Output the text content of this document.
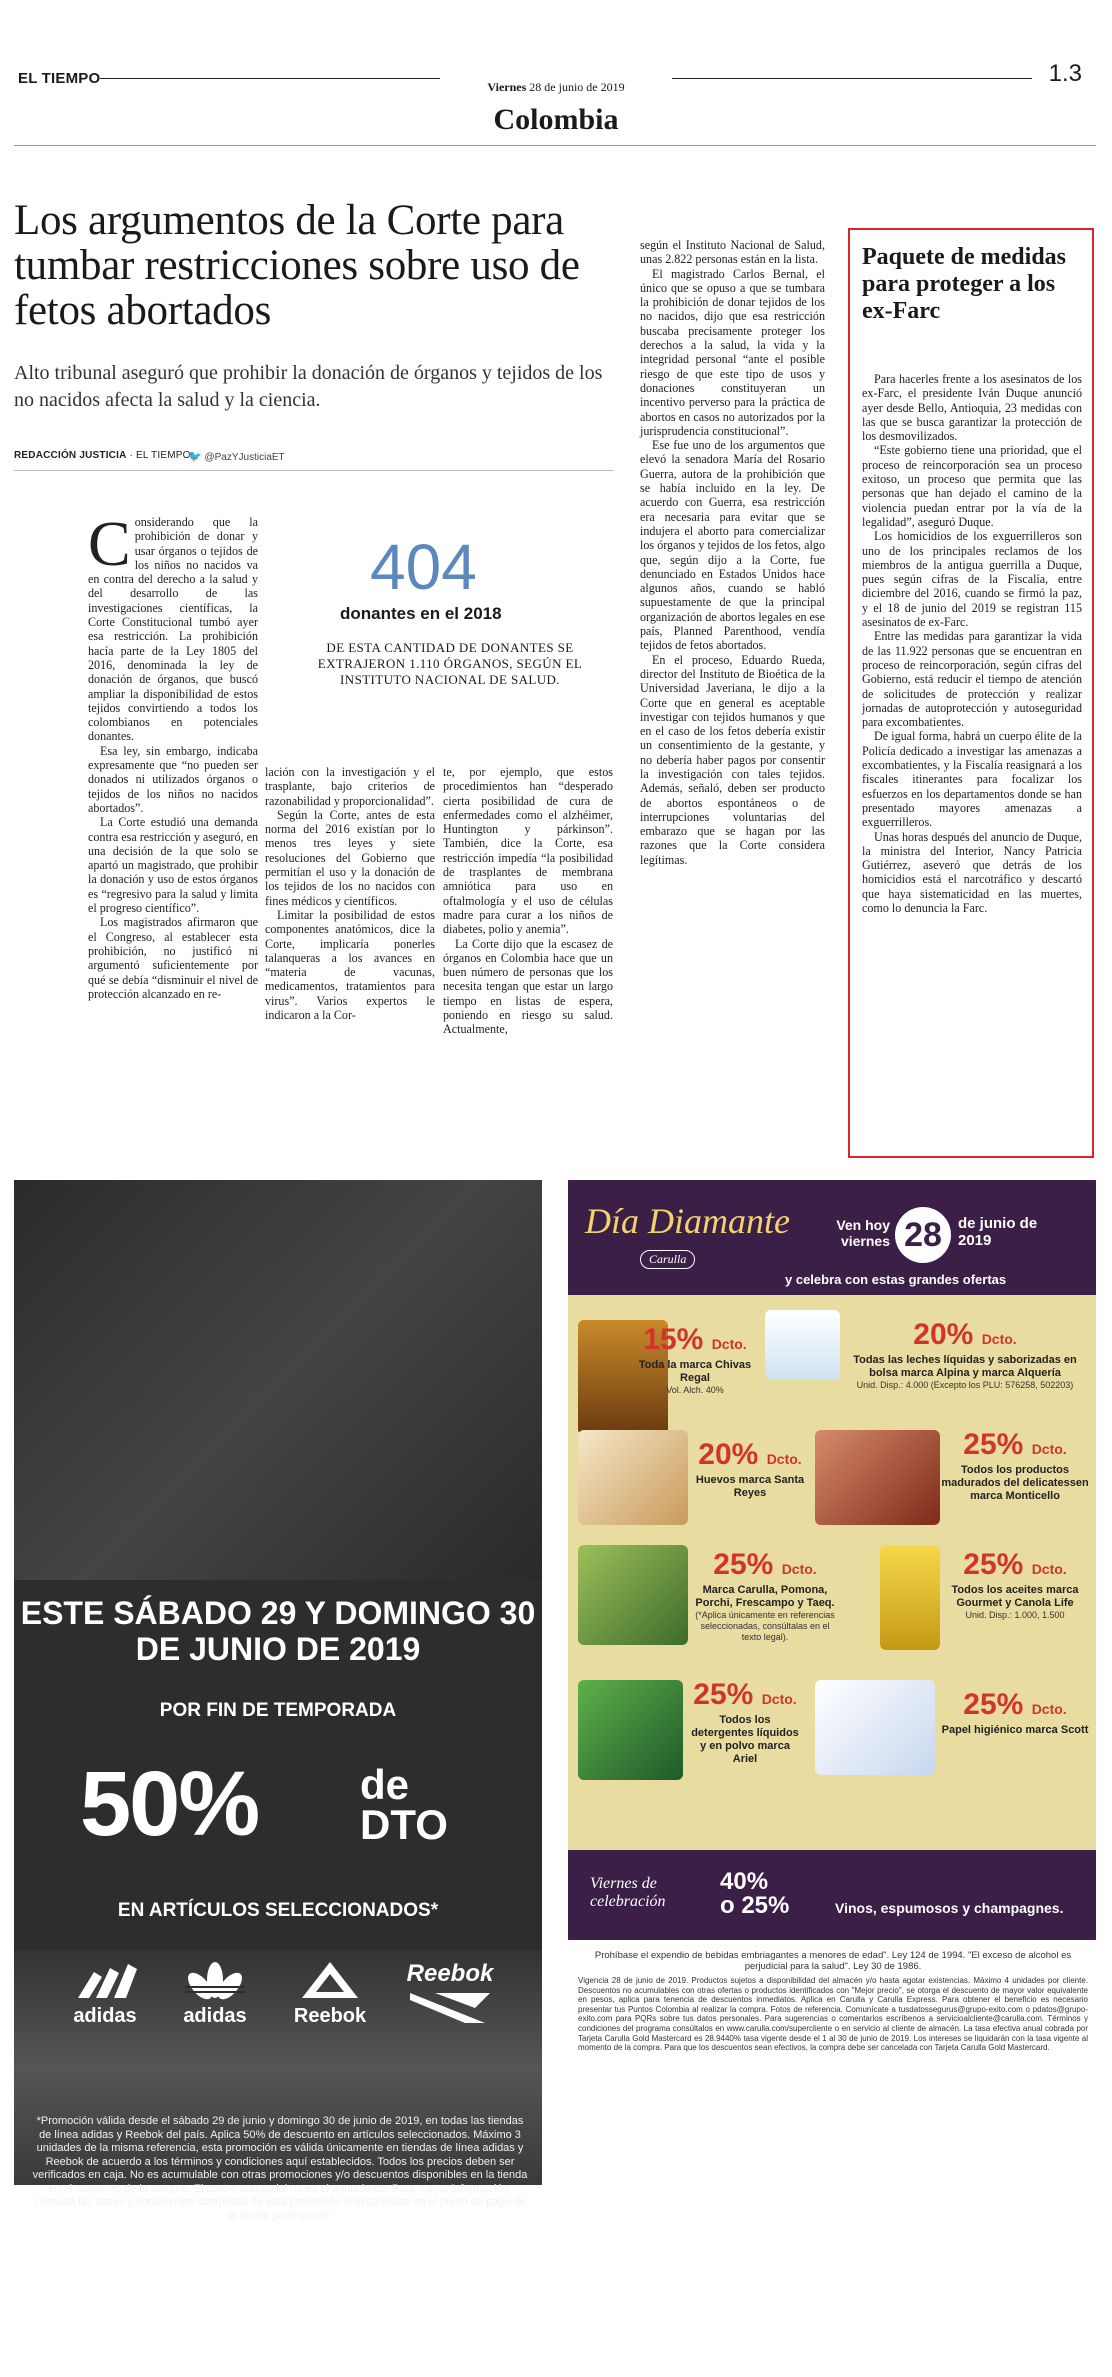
EL TIEMPO	Viernes 28 de junio de 2019
Colombia
1.3
Los argumentos de la Corte para tumbar restricciones sobre uso de fetos abortados
Alto tribunal aseguró que prohibir la donación de órganos y tejidos de los no nacidos afecta la salud y la ciencia.
REDACCIÓN JUSTICIA · EL TIEMPO
🐦 @PazYJusticiaET
404
donantes en el 2018
DE ESTA CANTIDAD DE DONANTES SE EXTRAJERON 1.110 ÓRGANOS, SEGÚN EL INSTITUTO NACIONAL DE SALUD.

Considerando que la prohibición de donar y usar órganos o tejidos de los niños no nacidos va en contra del derecho a la salud y del desarrollo de las investigaciones científicas, la Corte Constitucional tumbó ayer esa restricción. La prohibición hacía parte de la Ley 1805 del 2016, denominada la ley de donación de órganos, que buscó ampliar la disponibilidad de estos tejidos convirtiendo a todos los colombianos en potenciales donantes.

Esa ley, sin embargo, indicaba expresamente que “no pueden ser donados ni utilizados órganos o tejidos de los niños no nacidos abortados”.

La Corte estudió una demanda contra esa restricción y aseguró, en una decisión de la que solo se apartó un magistrado, que prohibir la donación y uso de estos órganos es “regresivo para la salud y limita el progreso científico”.

Los magistrados afirmaron que el Congreso, al establecer esta prohibición, no justificó ni argumentó suficientemente por qué se debía “disminuir el nivel de protección alcanzado en re-

lación con la investigación y el trasplante, bajo criterios de razonabilidad y proporcionalidad”.

Según la Corte, antes de esta norma del 2016 existían por lo menos tres leyes y siete resoluciones del Gobierno que permitían el uso y la donación de los tejidos de los no nacidos con fines médicos y científicos.

Limitar la posibilidad de estos componentes anatómicos, dice la Corte, implicaría ponerles talanqueras a los avances en “materia de vacunas, medicamentos, tratamientos para virus”. Varios expertos le indicaron a la Cor-

te, por ejemplo, que estos procedimientos han “desperado cierta posibilidad de cura de enfermedades como el alzhéimer, Huntington y párkinson”. También, dice la Corte, esa restricción impedía “la posibilidad de trasplantes de membrana amniótica para uso en oftalmología y el uso de células madre para curar a los niños de diabetes, polio y anemia”.

La Corte dijo que la escasez de órganos en Colombia hace que un buen número de personas que los necesita tengan que estar un largo tiempo en listas de espera, poniendo en riesgo su salud. Actualmente,

según el Instituto Nacional de Salud, unas 2.822 personas están en la lista.

El magistrado Carlos Bernal, el único que se opuso a que se tumbara la prohibición de donar tejidos de los no nacidos, dijo que esa restricción buscaba precisamente proteger los derechos a la salud, la vida y la integridad personal “ante el posible riesgo de que este tipo de usos y donaciones constituyeran un incentivo perverso para la práctica de abortos en casos no autorizados por la jurisprudencia constitucional”.

Ese fue uno de los argumentos que elevó la senadora María del Rosario Guerra, autora de la prohibición que se había incluido en la ley. De acuerdo con Guerra, esa restricción era necesaria para evitar que se indujera el aborto para comercializar los órganos y tejidos de los fetos, algo que, según dijo a la Corte, fue denunciado en Estados Unidos hace algunos años, cuando se habló supuestamente de que la principal organización de abortos legales en ese país, Planned Parenthood, vendía tejidos de fetos abortados.

En el proceso, Eduardo Rueda, director del Instituto de Bioética de la Universidad Javeriana, le dijo a la Corte que en general es aceptable investigar con tejidos humanos y que en el caso de los fetos debería existir un consentimiento de la gestante, y no debería haber pagos por consentir la investigación con tales tejidos. Además, señaló, deben ser producto de abortos espontáneos o de interrupciones voluntarias del embarazo que se hagan por las razones que la Corte considera legítimas.

Paquete de medidas para proteger a los ex-Farc

Para hacerles frente a los asesinatos de los ex-Farc, el presidente Iván Duque anunció ayer desde Bello, Antioquia, 23 medidas con las que se busca garantizar la protección de los desmovilizados.

“Este gobierno tiene una prioridad, que el proceso de reincorporación sea un proceso exitoso, un proceso que permita que las personas que han dejado el camino de la violencia puedan entrar por la vía de la legalidad”, aseguró Duque.

Los homicidios de los exguerrilleros son uno de los principales reclamos de los miembros de la antigua guerrilla a Duque, pues según cifras de la Fiscalía, entre diciembre del 2016, cuando se firmó la paz, y el 18 de junio del 2019 se registran 115 asesinatos de ex-Farc.

Entre las medidas para garantizar la vida de las 11.922 personas que se encuentran en proceso de reincorporación, según cifras del Gobierno, está reducir el tiempo de atención de solicitudes de protección y realizar jornadas de autoprotección y autoseguridad para excombatientes.

De igual forma, habrá un cuerpo élite de la Policía dedicado a investigar las amenazas a excombatientes, y la Fiscalía reasignará a los fiscales itinerantes para focalizar los esfuerzos en los departamentos donde se han presentado mayores amenazas a exguerrilleros.

Unas horas después del anuncio de Duque, la ministra del Interior, Nancy Patricia Gutiérrez, aseveró que detrás de los homicidios está el narcotráfico y descartó que haya sistematicidad en las muertes, como lo denuncia la Farc.

ESTE SÁBADO 29 Y DOMINGO 30 DE JUNIO DE 2019
POR FIN DE TEMPORADA
50% de
DTO
EN ARTÍCULOS SELECCIONADOS*
adidas	adidas	Reebok
Reebok
*Promoción válida desde el sábado 29 de junio y domingo 30 de junio de 2019, en todas las tiendas de línea adidas y Reebok del país. Aplica 50% de descuento en artículos seleccionados. Máximo 3 unidades de la misma referencia, esta promoción es válida únicamente en tiendas de línea adidas y Reebok de acuerdo a los términos y condiciones aquí establecidos. Todos los precios deben ser verificados en caja. No es acumulable con otras promociones y/o descuentos disponibles en la tienda en el momento de la compra. El centro comercial no es el anunciante. Para mayor información, consulta las bases y condiciones completas de esta promoción solicitándolas en el punto de pago de la tienda participante.
Día Diamante
Carulla
Ven hoy viernes 28	de junio de 2019
y celebra con estas grandes ofertas
15% Dcto.
Toda la marca Chivas Regal
Vol. Alch. 40%
20% Dcto.
Todas las leches líquidas y saborizadas en bolsa marca Alpina y marca Alquería
Unid. Disp.: 4.000 (Excepto los PLU: 576258, 502203)
20% Dcto.
Huevos marca Santa Reyes
25% Dcto.
Todos los productos madurados del delicatessen marca Monticello
25% Dcto.
Marca Carulla, Pomona, Porchi, Frescampo y Taeq.
(*Aplica únicamente en referencias seleccionadas, consúltalas en el texto legal).
25% Dcto.
Todos los aceites marca Gourmet y Canola Life
Unid. Disp.: 1.000, 1.500
25% Dcto.
Todos los detergentes líquidos y en polvo marca Ariel
25% Dcto.
Papel higiénico marca Scott
Viernes de celebración
40%
o 25%	Vinos, espumosos y champagnes.
Prohíbase el expendio de bebidas embriagantes a menores de edad". Ley 124 de 1994. "El exceso de alcohol es perjudicial para la salud". Ley 30 de 1986.
Vigencia 28 de junio de 2019. Productos sujetos a disponibilidad del almacén y/o hasta agotar existencias. Máximo 4 unidades por cliente. Descuentos no acumulables con otras ofertas o productos identificados con "Mejor precio", se otorga el descuento de mayor valor equivalente en pesos, aplica para tenencia de descuentos inmediatos. Aplica en Carulla y Carulla Express. Para obtener el beneficio es necesario presentar tus Puntos Colombia al realizar la compra. Fotos de referencia. Comunícate a tusdatossegurus@grupo-exito.com o pdatos@grupo-exito.com para PQRs sobre tus datos personales. Para sugerencias o comentarios escríbenos a servicioalcliente@carulla.com. Términos y condiciones del programa consúltalos en www.carulla.com/supercliente o en servicio al cliente de almacén. La tasa efectiva anual cobrada por Tarjeta Carulla Gold Mastercard es 28.9440% tasa vigente desde el 1 al 30 de junio de 2019. Los intereses se liquidarán con la tasa vigente al momento de la compra. Para que los descuentos sean efectivos, la compra debe ser cancelada con Tarjeta Carulla Gold Mastercard.
